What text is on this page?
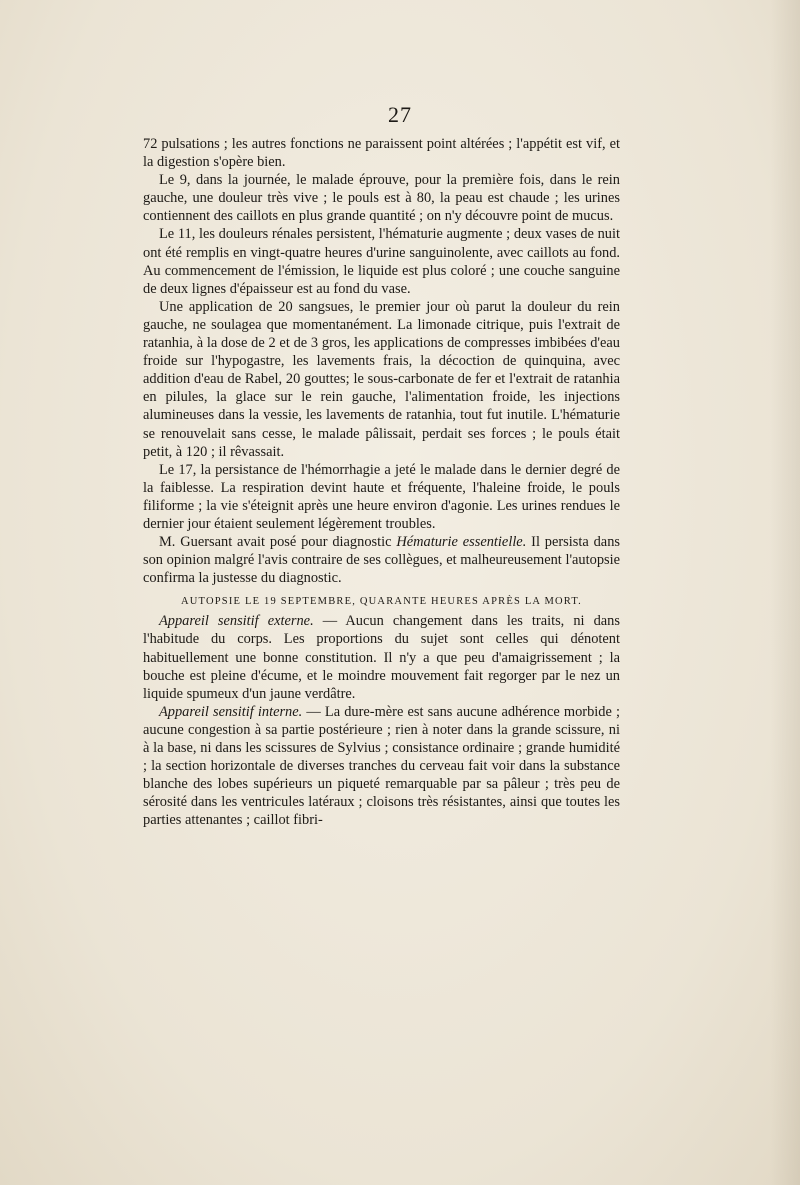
27

72 pulsations ; les autres fonctions ne paraissent point altérées ; l'appétit est vif, et la digestion s'opère bien.

Le 9, dans la journée, le malade éprouve, pour la première fois, dans le rein gauche, une douleur très vive ; le pouls est à 80, la peau est chaude ; les urines contiennent des caillots en plus grande quantité ; on n'y découvre point de mucus.

Le 11, les douleurs rénales persistent, l'hématurie augmente ; deux vases de nuit ont été remplis en vingt-quatre heures d'urine sanguinolente, avec caillots au fond. Au commencement de l'émission, le liquide est plus coloré ; une couche sanguine de deux lignes d'épaisseur est au fond du vase.

Une application de 20 sangsues, le premier jour où parut la douleur du rein gauche, ne soulagea que momentanément. La limonade citrique, puis l'extrait de ratanhia, à la dose de 2 et de 3 gros, les applications de compresses imbibées d'eau froide sur l'hypogastre, les lavements frais, la décoction de quinquina, avec addition d'eau de Rabel, 20 gouttes; le sous-carbonate de fer et l'extrait de ratanhia en pilules, la glace sur le rein gauche, l'alimentation froide, les injections alumineuses dans la vessie, les lavements de ratanhia, tout fut inutile. L'hématurie se renouvelait sans cesse, le malade pâlissait, perdait ses forces ; le pouls était petit, à 120 ; il rêvassait.

Le 17, la persistance de l'hémorrhagie a jeté le malade dans le dernier degré de la faiblesse. La respiration devint haute et fréquente, l'haleine froide, le pouls filiforme ; la vie s'éteignit après une heure environ d'agonie. Les urines rendues le dernier jour étaient seulement légèrement troubles.

M. Guersant avait posé pour diagnostic Hématurie essentielle. Il persista dans son opinion malgré l'avis contraire de ses collègues, et malheureusement l'autopsie confirma la justesse du diagnostic.

AUTOPSIE LE 19 SEPTEMBRE, QUARANTE HEURES APRÈS LA MORT.

Appareil sensitif externe. — Aucun changement dans les traits, ni dans l'habitude du corps. Les proportions du sujet sont celles qui dénotent habituellement une bonne constitution. Il n'y a que peu d'amaigrissement ; la bouche est pleine d'écume, et le moindre mouvement fait regorger par le nez un liquide spumeux d'un jaune verdâtre.

Appareil sensitif interne. — La dure-mère est sans aucune adhérence morbide ; aucune congestion à sa partie postérieure ; rien à noter dans la grande scissure, ni à la base, ni dans les scissures de Sylvius ; consistance ordinaire ; grande humidité ; la section horizontale de diverses tranches du cerveau fait voir dans la substance blanche des lobes supérieurs un piqueté remarquable par sa pâleur ; très peu de sérosité dans les ventricules latéraux ; cloisons très résistantes, ainsi que toutes les parties attenantes ; caillot fibri-
